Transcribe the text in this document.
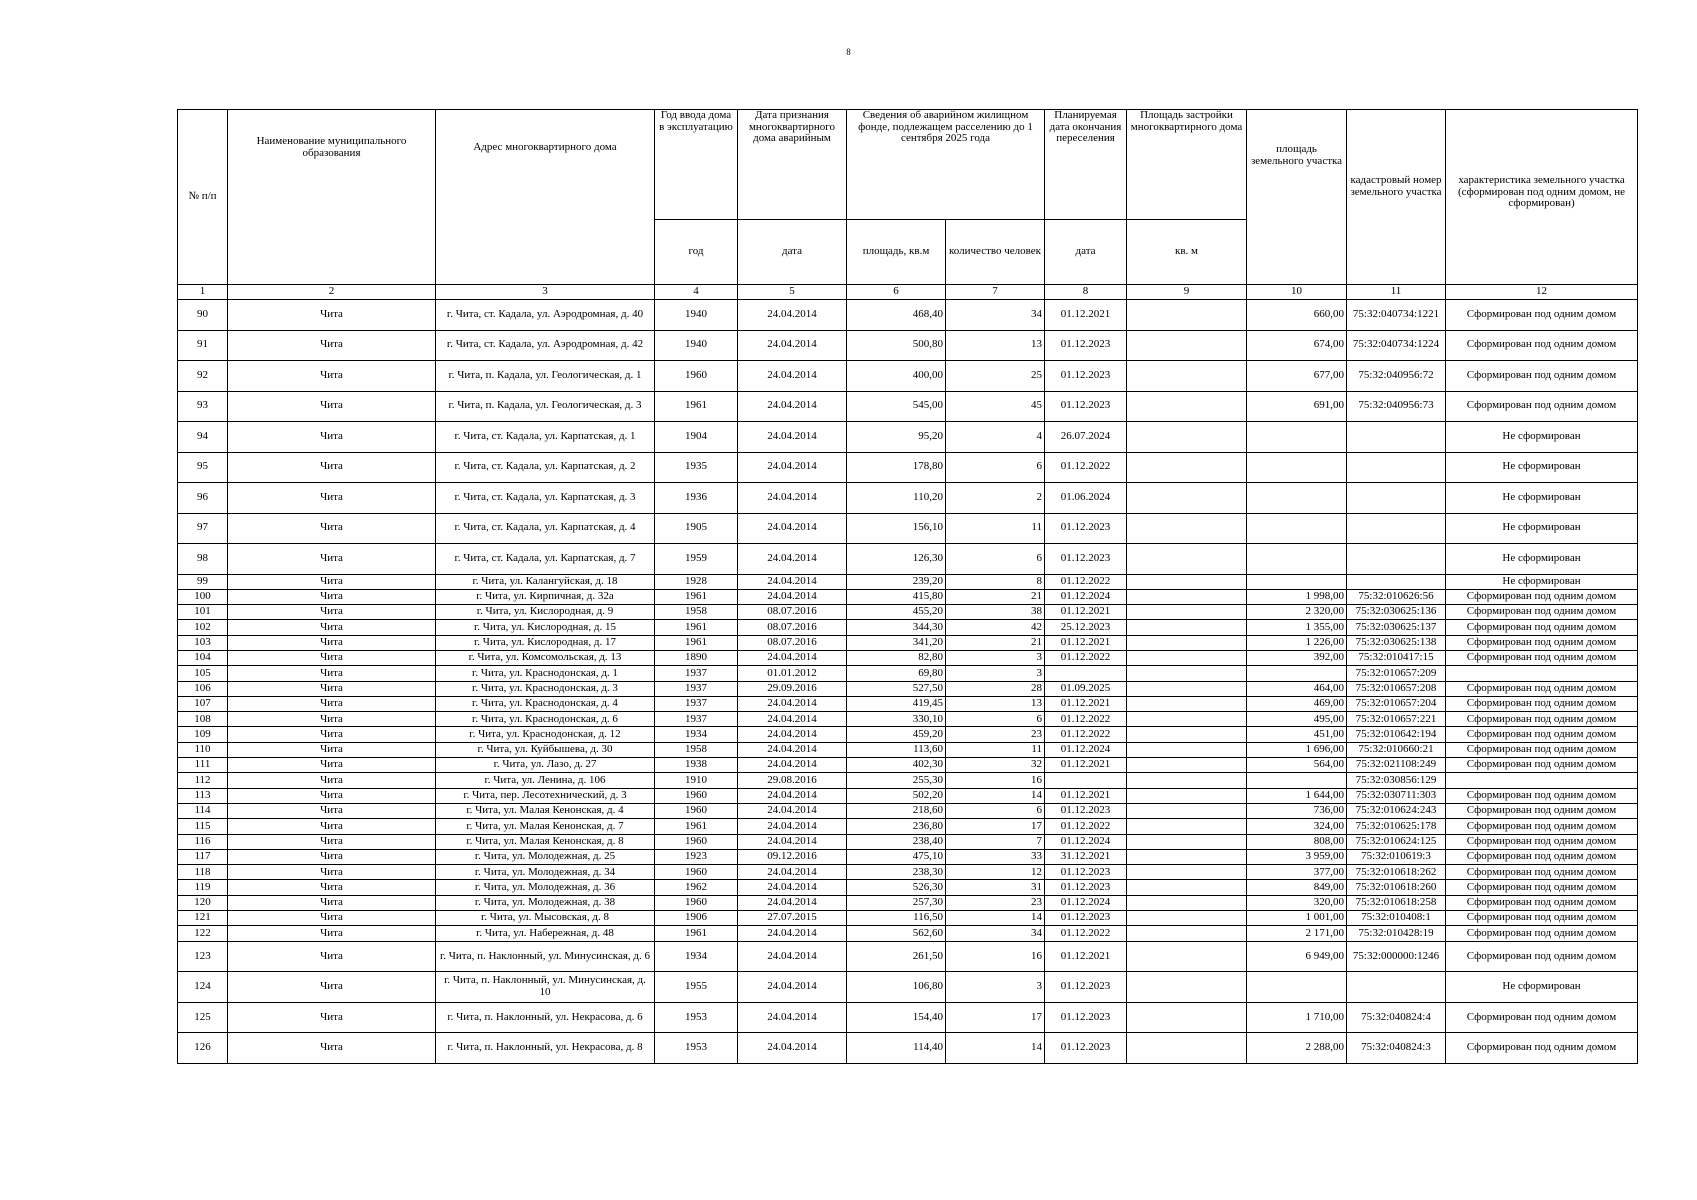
8
№ п/п	Наименование муниципального образования	Адрес многоквартирного дома	Год ввода дома в эксплуатацию	Дата признания многоквартирного дома аварийным	Сведения об аварийном жилищном фонде, подлежащем расселению до 1 сентября 2025 года		Планируемая дата окончания переселения	Площадь застройки многоквартирного дома	площадь земельного участка	кадастровый номер земельного участка	характеристика земельного участка (сформирован под одним домом, не сформирован)
			год	дата	площадь, кв.м	количество человек	дата	кв. м			
1	2	3	4	5	6	7	8	9	10	11	12
90	Чита	г. Чита, ст. Кадала, ул. Аэродромная, д. 40	1940	24.04.2014	468,40	34	01.12.2021		660,00	75:32:040734:1221	Сформирован под одним домом
91	Чита	г. Чита, ст. Кадала, ул. Аэродромная, д. 42	1940	24.04.2014	500,80	13	01.12.2023		674,00	75:32:040734:1224	Сформирован под одним домом
92	Чита	г. Чита, п. Кадала, ул. Геологическая, д. 1	1960	24.04.2014	400,00	25	01.12.2023		677,00	75:32:040956:72	Сформирован под одним домом
93	Чита	г. Чита, п. Кадала, ул. Геологическая, д. 3	1961	24.04.2014	545,00	45	01.12.2023		691,00	75:32:040956:73	Сформирован под одним домом
94	Чита	г. Чита, ст. Кадала, ул. Карпатская, д. 1	1904	24.04.2014	95,20	4	26.07.2024				Не сформирован
95	Чита	г. Чита, ст. Кадала, ул. Карпатская, д. 2	1935	24.04.2014	178,80	6	01.12.2022				Не сформирован
96	Чита	г. Чита, ст. Кадала, ул. Карпатская, д. 3	1936	24.04.2014	110,20	2	01.06.2024				Не сформирован
97	Чита	г. Чита, ст. Кадала, ул. Карпатская, д. 4	1905	24.04.2014	156,10	11	01.12.2023				Не сформирован
98	Чита	г. Чита, ст. Кадала, ул. Карпатская, д. 7	1959	24.04.2014	126,30	6	01.12.2023				Не сформирован
99	Чита	г. Чита, ул. Калангуйская, д. 18	1928	24.04.2014	239,20	8	01.12.2022				Не сформирован
100	Чита	г. Чита, ул. Кирпичная, д. 32а	1961	24.04.2014	415,80	21	01.12.2024		1 998,00	75:32:010626:56	Сформирован под одним домом
101	Чита	г. Чита, ул. Кислородная, д. 9	1958	08.07.2016	455,20	38	01.12.2021		2 320,00	75:32:030625:136	Сформирован под одним домом
102	Чита	г. Чита, ул. Кислородная, д. 15	1961	08.07.2016	344,30	42	25.12.2023		1 355,00	75:32:030625:137	Сформирован под одним домом
103	Чита	г. Чита, ул. Кислородная, д. 17	1961	08.07.2016	341,20	21	01.12.2021		1 226,00	75:32:030625:138	Сформирован под одним домом
104	Чита	г. Чита, ул. Комсомольская, д. 13	1890	24.04.2014	82,80	3	01.12.2022		392,00	75:32:010417:15	Сформирован под одним домом
105	Чита	г. Чита, ул. Краснодонская, д. 1	1937	01.01.2012	69,80	3				75:32:010657:209	
106	Чита	г. Чита, ул. Краснодонская, д. 3	1937	29.09.2016	527,50	28	01.09.2025		464,00	75:32:010657:208	Сформирован под одним домом
107	Чита	г. Чита, ул. Краснодонская, д. 4	1937	24.04.2014	419,45	13	01.12.2021		469,00	75:32:010657:204	Сформирован под одним домом
108	Чита	г. Чита, ул. Краснодонская, д. 6	1937	24.04.2014	330,10	6	01.12.2022		495,00	75:32:010657:221	Сформирован под одним домом
109	Чита	г. Чита, ул. Краснодонская, д. 12	1934	24.04.2014	459,20	23	01.12.2022		451,00	75:32:010642:194	Сформирован под одним домом
110	Чита	г. Чита, ул. Куйбышева, д. 30	1958	24.04.2014	113,60	11	01.12.2024		1 696,00	75:32:010660:21	Сформирован под одним домом
111	Чита	г. Чита, ул. Лазо, д. 27	1938	24.04.2014	402,30	32	01.12.2021		564,00	75:32:021108:249	Сформирован под одним домом
112	Чита	г. Чита, ул. Ленина, д. 106	1910	29.08.2016	255,30	16				75:32:030856:129	
113	Чита	г. Чита, пер. Лесотехнический, д. 3	1960	24.04.2014	502,20	14	01.12.2021		1 644,00	75:32:030711:303	Сформирован под одним домом
114	Чита	г. Чита, ул. Малая Кенонская, д. 4	1960	24.04.2014	218,60	6	01.12.2023		736,00	75:32:010624:243	Сформирован под одним домом
115	Чита	г. Чита, ул. Малая Кенонская, д. 7	1961	24.04.2014	236,80	17	01.12.2022		324,00	75:32:010625:178	Сформирован под одним домом
116	Чита	г. Чита, ул. Малая Кенонская, д. 8	1960	24.04.2014	238,40	7	01.12.2024		808,00	75:32:010624:125	Сформирован под одним домом
117	Чита	г. Чита, ул. Молодежная, д. 25	1923	09.12.2016	475,10	33	31.12.2021		3 959,00	75:32:010619:3	Сформирован под одним домом
118	Чита	г. Чита, ул. Молодежная, д. 34	1960	24.04.2014	238,30	12	01.12.2023		377,00	75:32:010618:262	Сформирован под одним домом
119	Чита	г. Чита, ул. Молодежная, д. 36	1962	24.04.2014	526,30	31	01.12.2023		849,00	75:32:010618:260	Сформирован под одним домом
120	Чита	г. Чита, ул. Молодежная, д. 38	1960	24.04.2014	257,30	23	01.12.2024		320,00	75:32:010618:258	Сформирован под одним домом
121	Чита	г. Чита, ул. Мысовская, д. 8	1906	27.07.2015	116,50	14	01.12.2023		1 001,00	75:32:010408:1	Сформирован под одним домом
122	Чита	г. Чита, ул. Набережная, д. 48	1961	24.04.2014	562,60	34	01.12.2022		2 171,00	75:32:010428:19	Сформирован под одним домом
123	Чита	г. Чита, п. Наклонный, ул. Минусинская, д. 6	1934	24.04.2014	261,50	16	01.12.2021		6 949,00	75:32:000000:1246	Сформирован под одним домом
124	Чита	г. Чита, п. Наклонный, ул. Минусинская, д. 10	1955	24.04.2014	106,80	3	01.12.2023				Не сформирован
125	Чита	г. Чита, п. Наклонный, ул. Некрасова, д. 6	1953	24.04.2014	154,40	17	01.12.2023		1 710,00	75:32:040824:4	Сформирован под одним домом
126	Чита	г. Чита, п. Наклонный, ул. Некрасова, д. 8	1953	24.04.2014	114,40	14	01.12.2023		2 288,00	75:32:040824:3	Сформирован под одним домом
